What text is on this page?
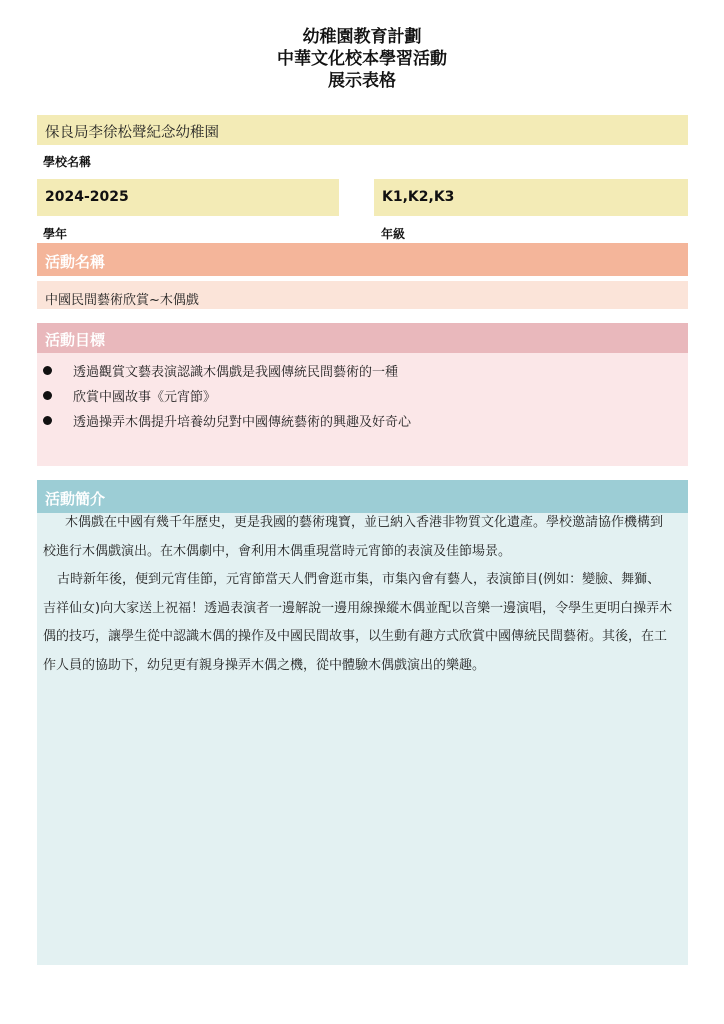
幼稚園教育計劃
中華文化校本學習活動
展示表格
保良局李徐松聲紀念幼稚園
學校名稱
2024-2025	K1,K2,K3
學年	年級
活動名稱
中國民間藝術欣賞~木偶戲
活動目標
透過觀賞文藝表演認識木偶戲是我國傳統民間藝術的一種
欣賞中國故事《元宵節》
透過操弄木偶提升培養幼兒對中國傳統藝術的興趣及好奇心
活動簡介

木偶戲在中國有幾千年歷史，更是我國的藝術瑰寶，並已納入香港非物質文化遺產。學校邀請協作機構到校進行木偶戲演出。在木偶劇中，會利用木偶重現當時元宵節的表演及佳節場景。

古時新年後，便到元宵佳節，元宵節當天人們會逛市集，市集內會有藝人，表演節目(例如：變臉、舞獅、吉祥仙女)向大家送上祝福！透過表演者一邊解說一邊用線操縱木偶並配以音樂一邊演唱，令學生更明白操弄木偶的技巧，讓學生從中認識木偶的操作及中國民間故事，以生動有趣方式欣賞中國傳統民間藝術。其後，在工作人員的協助下，幼兒更有親身操弄木偶之機，從中體驗木偶戲演出的樂趣。
